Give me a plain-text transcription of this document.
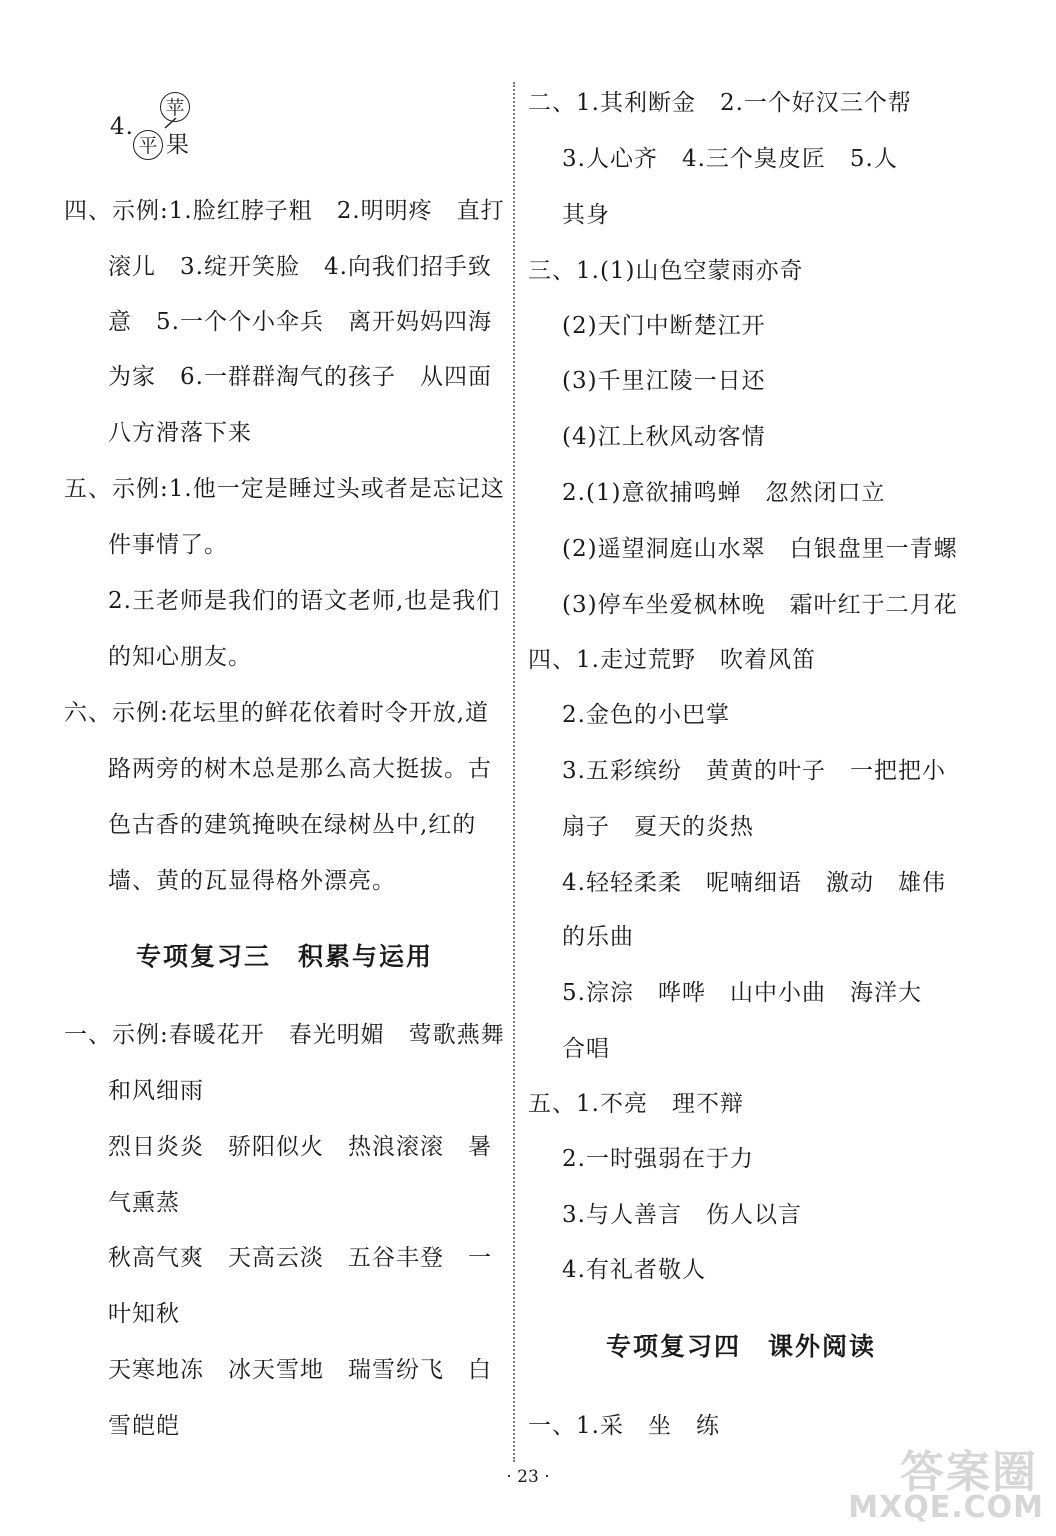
4.
苹
平 果
四、示例:1.脸红脖子粗　2.明明疼　直打
滚儿　3.绽开笑脸　4.向我们招手致
意　5.一个个小伞兵　离开妈妈四海
为家　6.一群群淘气的孩子　从四面
八方滑落下来
五、示例:1.他一定是睡过头或者是忘记这
件事情了。
2.王老师是我们的语文老师,也是我们
的知心朋友。
六、示例:花坛里的鲜花依着时令开放,道
路两旁的树木总是那么高大挺拔。古
色古香的建筑掩映在绿树丛中,红的
墙、黄的瓦显得格外漂亮。
专项复习三　积累与运用
一、示例:春暖花开　春光明媚　莺歌燕舞
和风细雨
烈日炎炎　骄阳似火　热浪滚滚　暑
气熏蒸
秋高气爽　天高云淡　五谷丰登　一
叶知秋
天寒地冻　冰天雪地　瑞雪纷飞　白
雪皑皑
二、1.其利断金　2.一个好汉三个帮
3.人心齐　4.三个臭皮匠　5.人
其身
三、1.(1)山色空蒙雨亦奇
(2)天门中断楚江开
(3)千里江陵一日还
(4)江上秋风动客情
2.(1)意欲捕鸣蝉　忽然闭口立
(2)遥望洞庭山水翠　白银盘里一青螺
(3)停车坐爱枫林晚　霜叶红于二月花
四、1.走过荒野　吹着风笛
2.金色的小巴掌
3.五彩缤纷　黄黄的叶子　一把把小
扇子　夏天的炎热
4.轻轻柔柔　呢喃细语　激动　雄伟
的乐曲
5.淙淙　哗哗　山中小曲　海洋大
合唱
五、1.不亮　理不辩
2.一时强弱在于力
3.与人善言　伤人以言
4.有礼者敬人
专项复习四　课外阅读
一、1.采　坐　练
· 23 ·	答案圈
MXQE.COM
